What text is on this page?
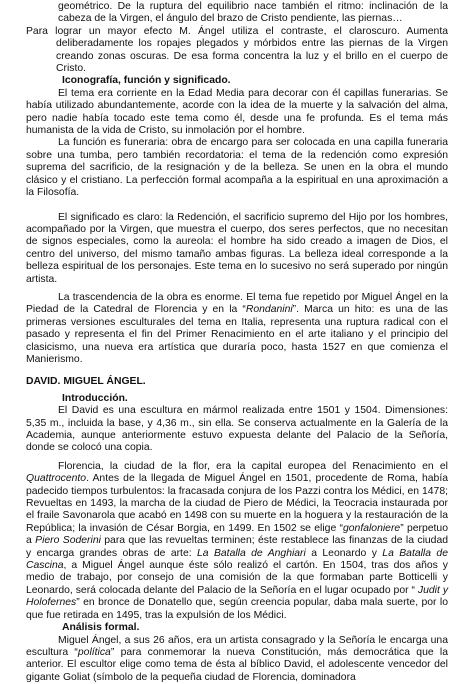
geométrico. De la ruptura del equilibrio nace también el ritmo: inclinación de la cabeza de la Virgen, el ángulo del brazo de Cristo pendiente, las piernas…

Para lograr un mayor efecto M. Ángel utiliza el contraste, el claroscuro. Aumenta deliberadamente los ropajes plegados y mórbidos entre las piernas de la Virgen creando zonas oscuras. De esa forma concentra la luz y el brillo en el cuerpo de Cristo.

Iconografía, función y significado.

El tema era corriente en la Edad Media para decorar con él capillas funerarias. Se había utilizado abundantemente, acorde con la idea de la muerte y la salvación del alma, pero nadie había tocado este tema como él, desde una fe profunda. Es el tema más humanista de la vida de Cristo, su inmolación por el hombre.

La función es funeraria: obra de encargo para ser colocada en una capilla funeraria sobre una tumba, pero también recordatoria: el tema de la redención como expresión suprema del sacrificio, de la resignación y de la belleza. Se unen en la obra el mundo clásico y el cristiano. La perfección formal acompaña a la espiritual en una aproximación a la Filosofía.

El significado es claro: la Redención, el sacrificio supremo del Hijo por los hombres, acompañado por la Virgen, que muestra el cuerpo, dos seres perfectos, que no necesitan de signos especiales, como la aureola: el hombre ha sido creado a imagen de Dios, el centro del universo, del mismo tamaño ambas figuras. La belleza ideal corresponde a la belleza espiritual de los personajes. Este tema en lo sucesivo no será superado por ningún artista.

La trascendencia de la obra es enorme. El tema fue repetido por Miguel Ángel en la Piedad de la Catedral de Florencia y en la “Rondanini”. Marca un hito: es una de las primeras versiones esculturales del tema en Italia, representa una ruptura radical con el pasado y representa el fin del Primer Renacimiento en el arte italiano y el principio del clasicismo, una nueva era artística que duraría poco, hasta 1527 en que comienza el Manierismo.

DAVID. MIGUEL ÁNGEL.

Introducción.

El David es una escultura en mármol realizada entre 1501 y 1504. Dimensiones: 5,35 m., incluida la base, y 4,36 m., sin ella. Se conserva actualmente en la Galería de la Academia, aunque anteriormente estuvo expuesta delante del Palacio de la Señoría, donde se colocó una copia.

Florencia, la ciudad de la flor, era la capital europea del Renacimiento en el Quattrocento. Antes de la llegada de Miguel Ángel en 1501, procedente de Roma, había padecido tiempos turbulentos: la fracasada conjura de los Pazzi contra los Médici, en 1478; Revueltas en 1493, la marcha de la ciudad de Piero de Médici, la Teocracia instaurada por el fraile Savonarola que acabó en 1498 con su muerte en la hoguera y la restauración de la República; la invasión de César Borgia, en 1499. En 1502 se elige “gonfaloniere” perpetuo a Piero Soderini para que las revueltas terminen; éste restablece las finanzas de la ciudad y encarga grandes obras de arte: La Batalla de Anghiari a Leonardo y La Batalla de Cascina, a Miguel Ángel aunque éste sólo realizó el cartón. En 1504, tras dos años y medio de trabajo, por consejo de una comisión de la que formaban parte Botticelli y Leonardo, será colocada delante del Palacio de la Señoría en el lugar ocupado por “ Judit y Holofernes” en bronce de Donatello que, según creencia popular, daba mala suerte, por lo que fue retirada en 1495, tras la expulsión de los Médici.

Análisis formal.

Miguel Ángel, a sus 26 años, era un artista consagrado y la Señoría le encarga una escultura “política” para conmemorar la nueva Constitución, más democrática que la anterior. El escultor elige como tema de ésta al bíblico David, el adolescente vencedor del gigante Goliat (símbolo de la pequeña ciudad de Florencia, dominadora
